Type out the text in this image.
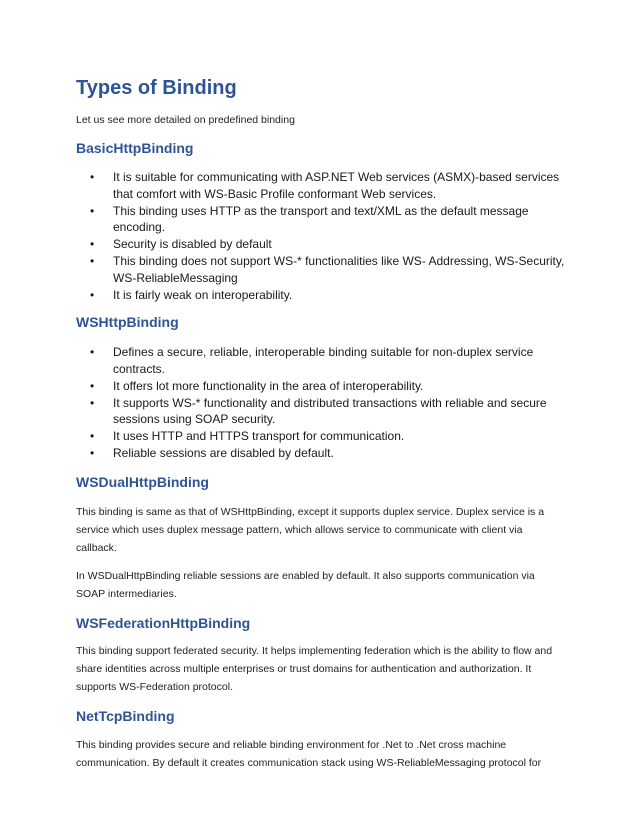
Types of Binding

Let us see more detailed on predefined binding

BasicHttpBinding
• It is suitable for communicating with ASP.NET Web services (ASMX)-based services that comfort with WS-Basic Profile conformant Web services.
• This binding uses HTTP as the transport and text/XML as the default message encoding.
• Security is disabled by default
• This binding does not support WS-* functionalities like WS- Addressing, WS-Security, WS-ReliableMessaging
• It is fairly weak on interoperability.
WSHttpBinding
• Defines a secure, reliable, interoperable binding suitable for non-duplex service contracts.
• It offers lot more functionality in the area of interoperability.
• It supports WS-* functionality and distributed transactions with reliable and secure sessions using SOAP security.
• It uses HTTP and HTTPS transport for communication.
• Reliable sessions are disabled by default.
WSDualHttpBinding

This binding is same as that of WSHttpBinding, except it supports duplex service. Duplex service is a service which uses duplex message pattern, which allows service to communicate with client via callback.

In WSDualHttpBinding reliable sessions are enabled by default. It also supports communication via SOAP intermediaries.

WSFederationHttpBinding

This binding support federated security. It helps implementing federation which is the ability to flow and share identities across multiple enterprises or trust domains for authentication and authorization. It supports WS-Federation protocol.

NetTcpBinding

This binding provides secure and reliable binding environment for .Net to .Net cross machine communication. By default it creates communication stack using WS-ReliableMessaging protocol for
